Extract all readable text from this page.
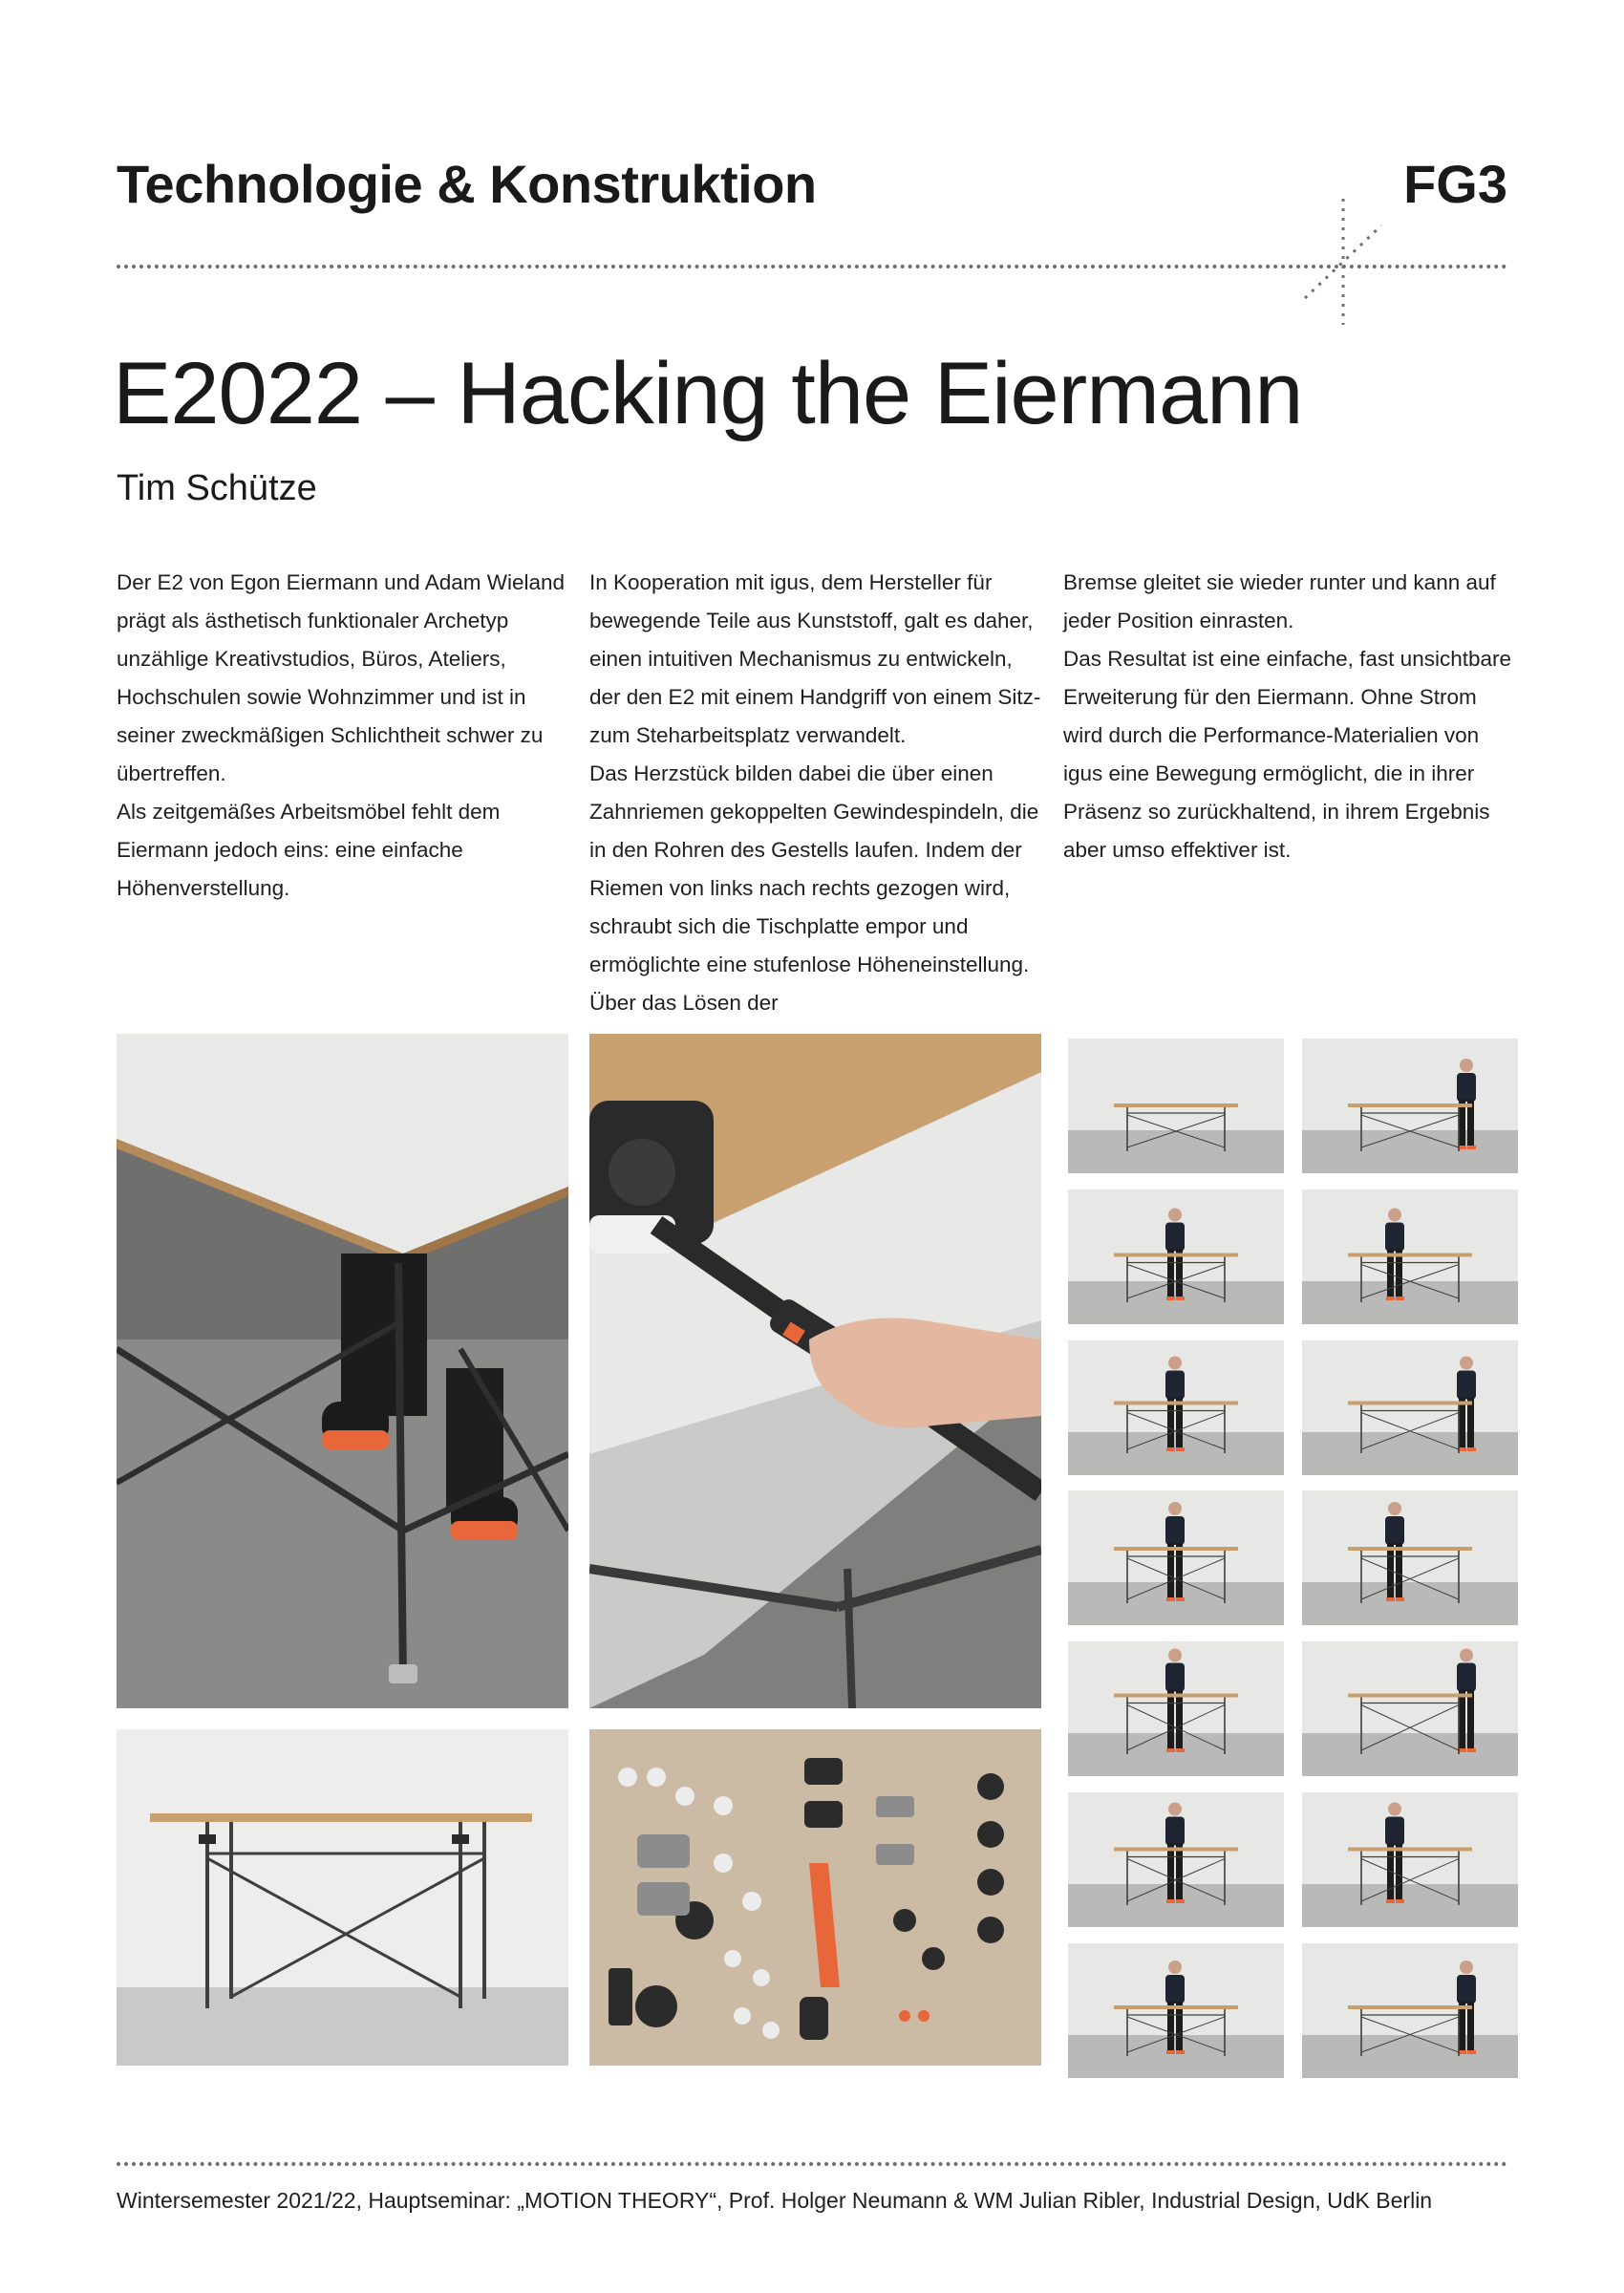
Technologie & Konstruktion	FG3
E2022 – Hacking the Eiermann
Tim Schütze

Der E2 von Egon Eiermann und Adam Wieland prägt als ästhetisch funktionaler Archetyp unzählige Kreativstudios, Büros, Ateliers, Hochschulen sowie Wohnzimmer und ist in seiner zweckmäßigen Schlichtheit schwer zu übertreffen.

Als zeitgemäßes Arbeitsmöbel fehlt dem Eiermann jedoch eins: eine einfache Höhenverstellung.

In Kooperation mit igus, dem Hersteller für bewegende Teile aus Kunststoff, galt es daher, einen intuitiven Mechanismus zu entwickeln, der den E2 mit einem Handgriff von einem Sitz- zum Steharbeitsplatz verwandelt.

Das Herzstück bilden dabei die über einen Zahnriemen gekoppelten Gewindespindeln, die in den Rohren des Gestells laufen. Indem der Riemen von links nach rechts gezogen wird, schraubt sich die Tischplatte empor und ermöglichte eine stufenlose Höheneinstellung. Über das Lösen der

Bremse gleitet sie wieder runter und kann auf jeder Position einrasten.

Das Resultat ist eine einfache, fast unsichtbare Erweiterung für den Eiermann. Ohne Strom wird durch die Performance-Materialien von igus eine Bewegung ermöglicht, die in ihrer Präsenz so zurückhaltend, in ihrem Ergebnis aber umso effektiver ist.

Wintersemester 2021/22, Hauptseminar: „MOTION THEORY“, Prof. Holger Neumann & WM Julian Ribler, Industrial Design, UdK Berlin
